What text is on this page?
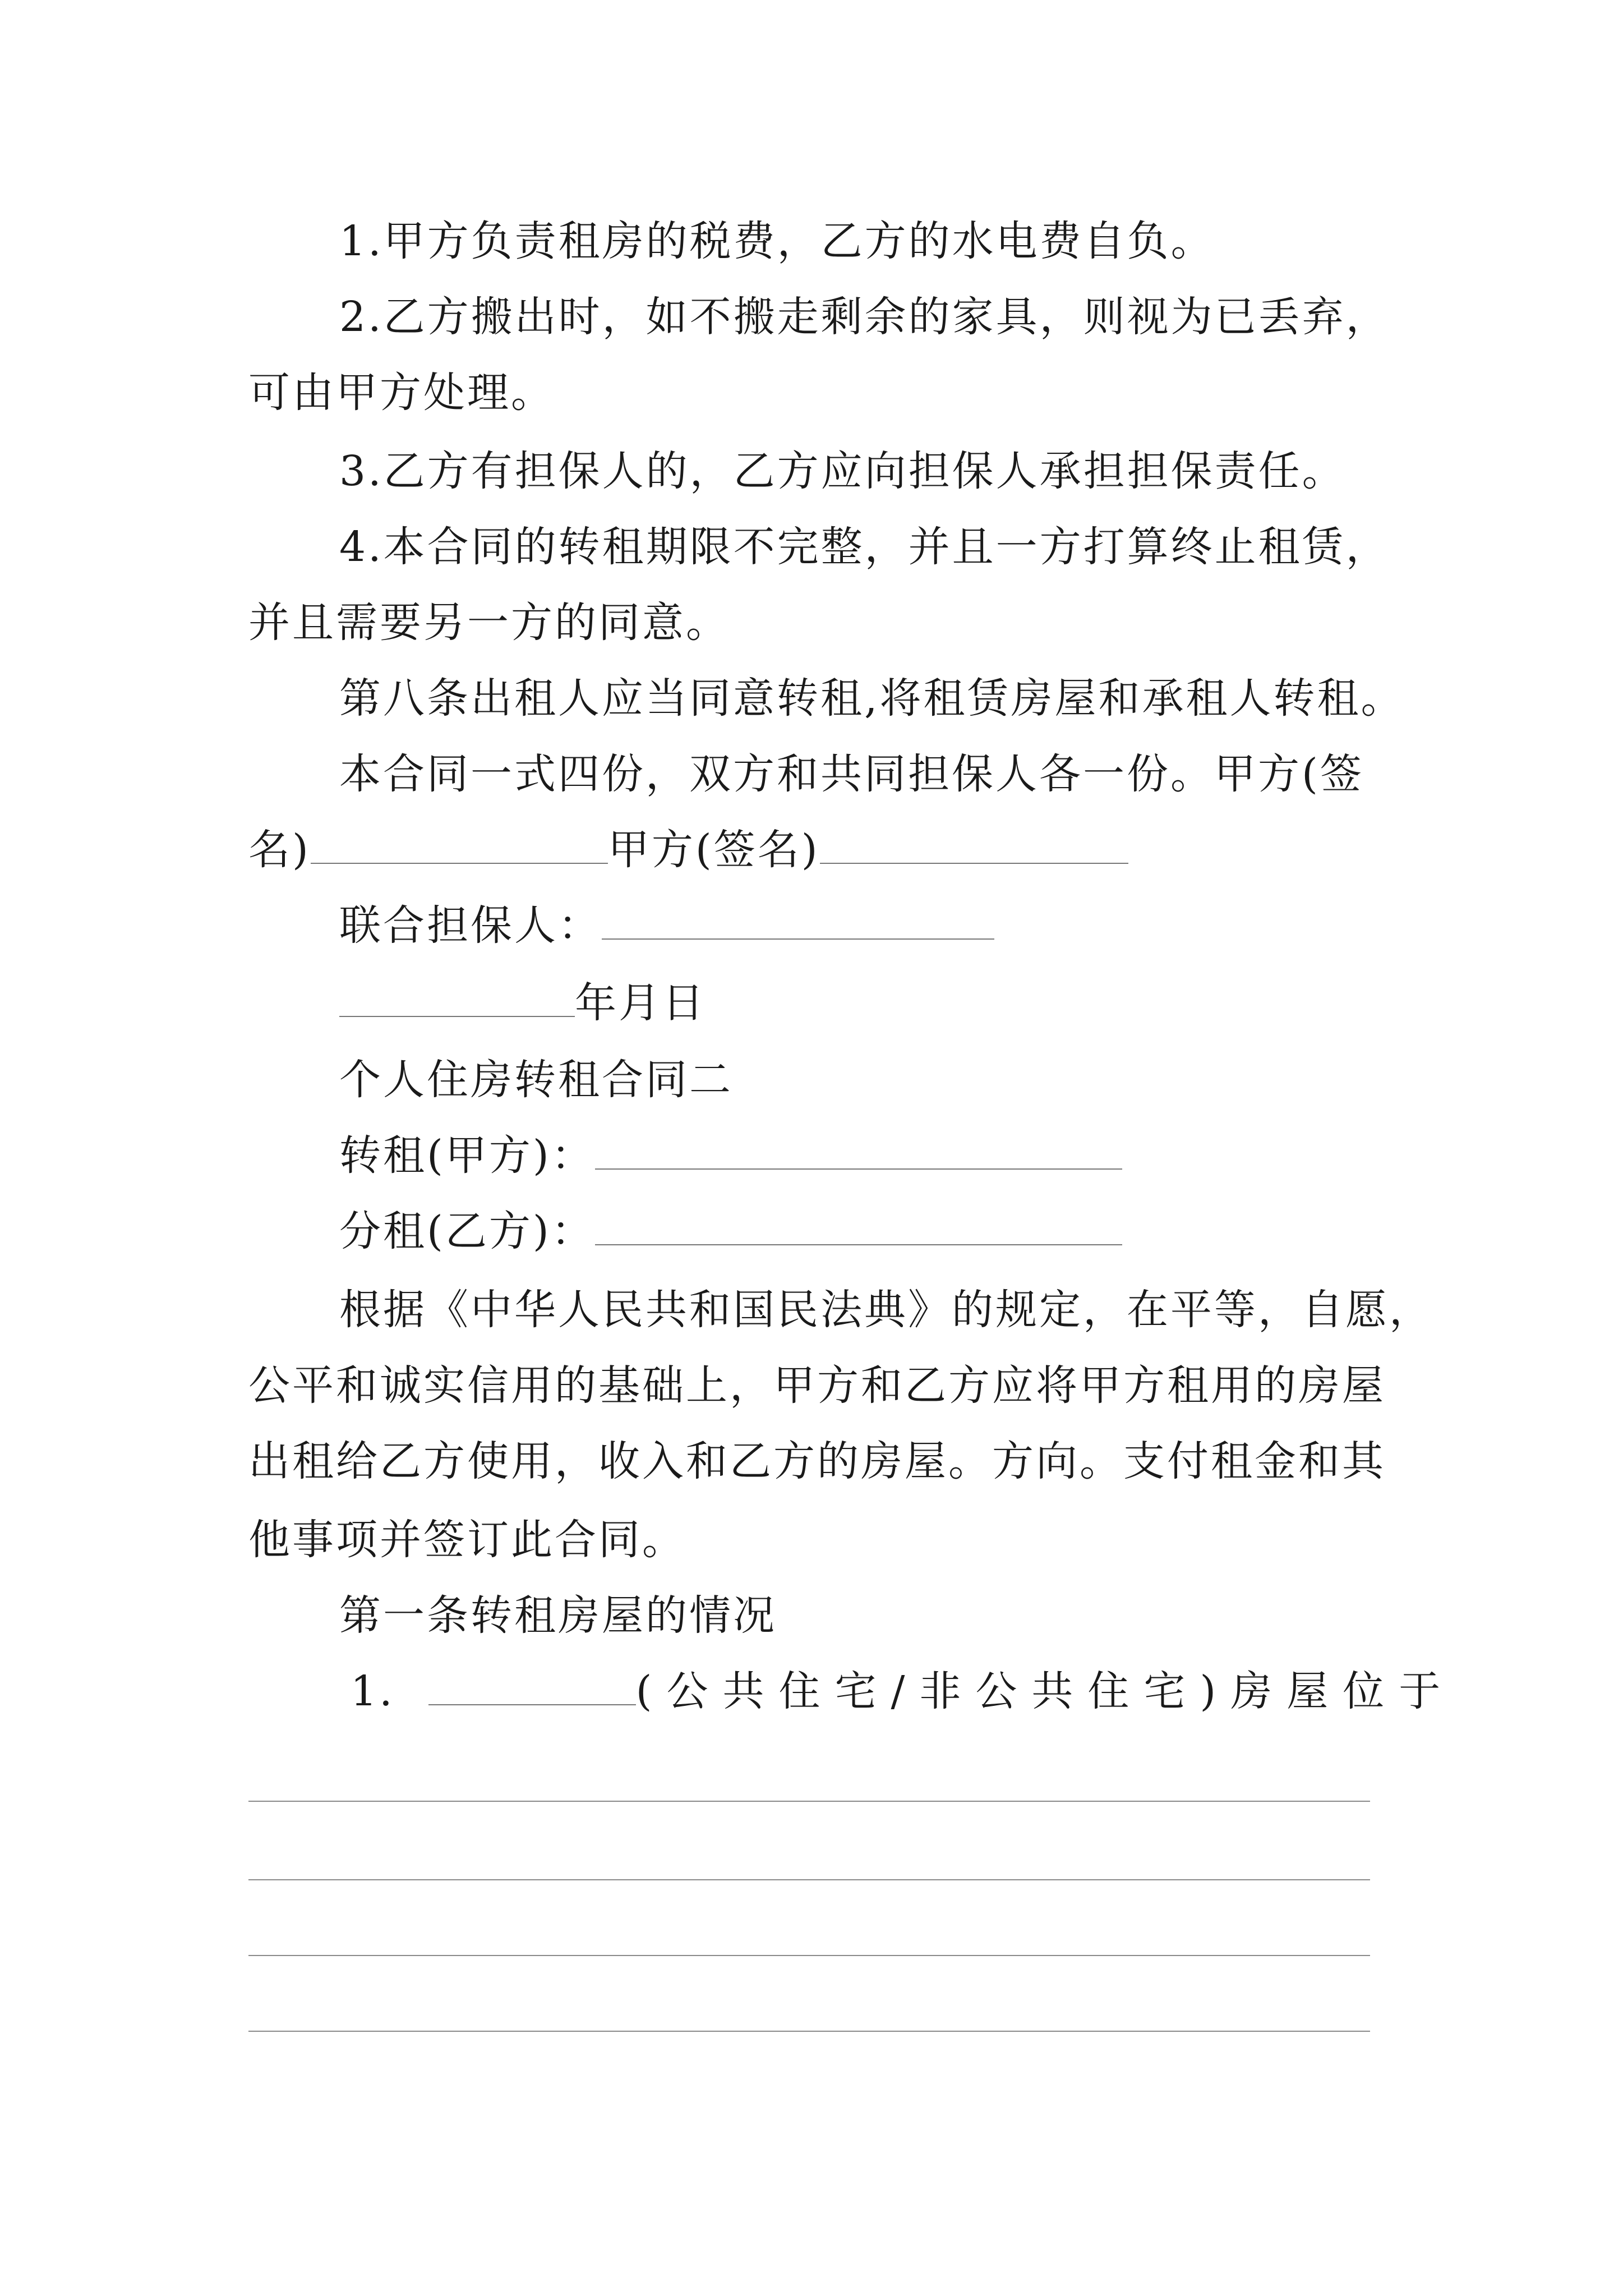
1.甲方负责租房的税费，乙方的水电费自负。
2.乙方搬出时，如不搬走剩余的家具，则视为已丢弃，
可由甲方处理。
3.乙方有担保人的，乙方应向担保人承担担保责任。
4.本合同的转租期限不完整，并且一方打算终止租赁，
并且需要另一方的同意。
第八条出租人应当同意转租,将租赁房屋和承租人转租。
本合同一式四份，双方和共同担保人各一份。甲方(签
名)	甲方(签名)
联合担保人：
年月日
个人住房转租合同二
转租(甲方)：
分租(乙方)：
根据《中华人民共和国民法典》的规定，在平等，自愿，
公平和诚实信用的基础上，甲方和乙方应将甲方租用的房屋
出租给乙方使用，收入和乙方的房屋。方向。支付租金和其
他事项并签订此合同。
第一条转租房屋的情况
1.	(公共住宅/非公共住宅)房屋位于
